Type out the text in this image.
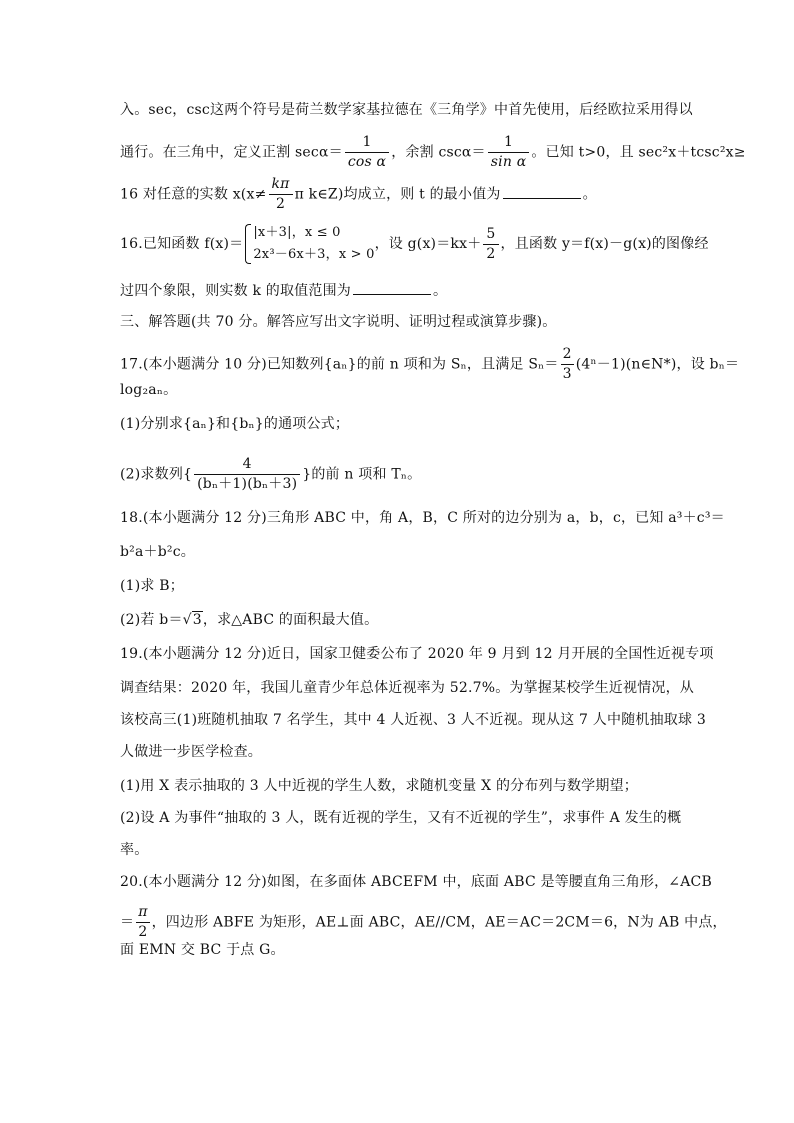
入。sec，csc这两个符号是荷兰数学家基拉德在《三角学》中首先使用，后经欧拉采用得以
通行。在三角中，定义正割 $\sec\alpha= \frac{1}{\text{cos α}}$ ，余割 $\csc\alpha= \frac{1}{\text{sin α}}$ 。已知 t>0，且 sec²x＋tcsc²x≥
16 对任意的实数 $x(x\ne \frac{k\pi}{2}$ π k∈Z)均成立，则 t 的最小值为	。
16.已知函数 f(x)＝
|x＋3|，x ≤ 0
2x³－6x＋3，x > 0
，设 $g(x)=kx+ \frac{5}{2}$ ，且函数 y＝f(x)－g(x)的图像经
过四个象限，则实数 k 的取值范围为	。
三、解答题(共 70 分。解答应写出文字说明、证明过程或演算步骤)。
17.(本小题满分 10 分)已知数列{aₙ}的前 n 项和为 Sₙ，且满足 $S_n= \frac{2}{3}$ (4ⁿ－1)(n∈N*)，设 bₙ＝
log₂aₙ。
(1)分别求{aₙ}和{bₙ}的通项公式；
(2)求数列{ $\frac{4}{\text{(bₙ＋1)(bₙ＋3)}}$ }的前 n 项和 Tₙ。
18.(本小题满分 12 分)三角形 ABC 中，角 A，B，C 所对的边分别为 a，b，c，已知 a³＋c³＝
b²a＋b²c。
(1)求 B；
(2)若 b＝√3，求△ABC 的面积最大值。
19.(本小题满分 12 分)近日，国家卫健委公布了 2020 年 9 月到 12 月开展的全国性近视专项
调查结果：2020 年，我国儿童青少年总体近视率为 52.7%。为掌握某校学生近视情况，从
该校高三(1)班随机抽取 7 名学生，其中 4 人近视、3 人不近视。现从这 7 人中随机抽取球 3
人做进一步医学检查。
(1)用 X 表示抽取的 3 人中近视的学生人数，求随机变量 X 的分布列与数学期望；
(2)设 A 为事件“抽取的 3 人，既有近视的学生，又有不近视的学生”，求事件 A 发生的概
率。
20.(本小题满分 12 分)如图，在多面体 ABCEFM 中，底面 ABC 是等腰直角三角形，∠ACB
＝ $\frac{\pi}{2}$ ，四边形 ABFE 为矩形，AE⊥面 ABC，AE//CM，AE＝AC＝2CM＝6，N为 AB 中点，
面 EMN 交 BC 于点 G。
